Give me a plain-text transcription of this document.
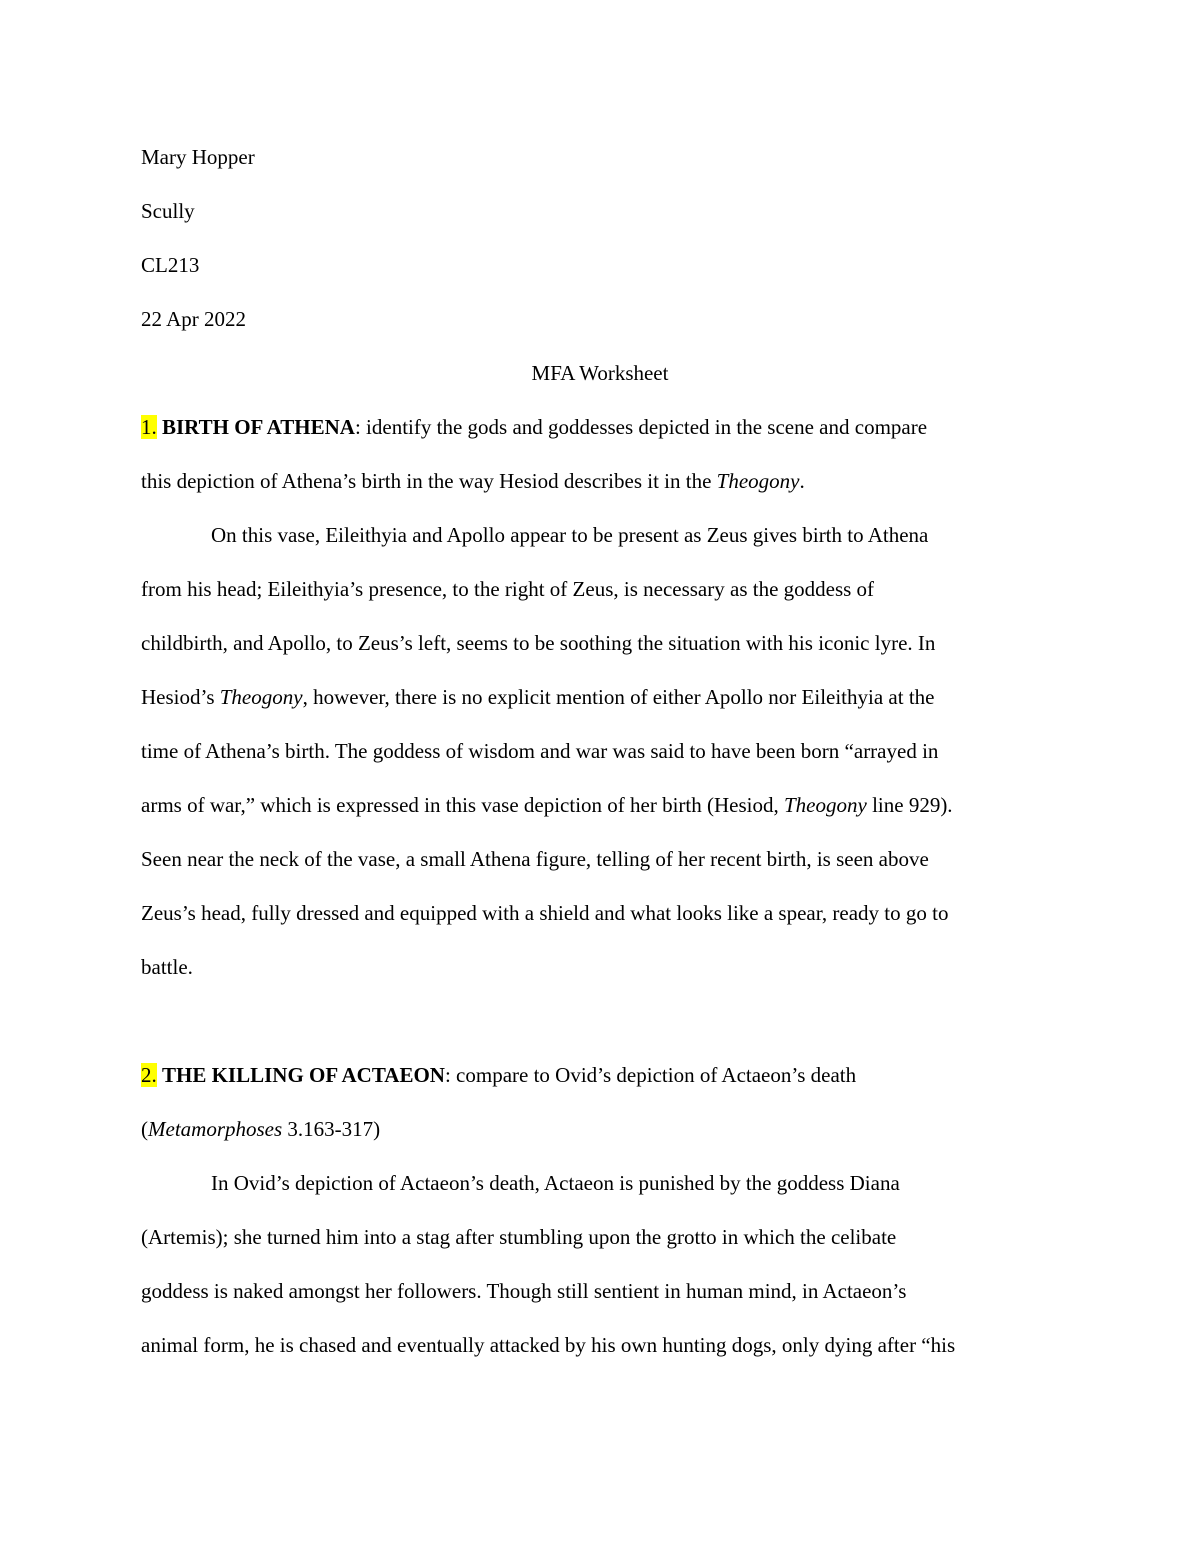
Mary Hopper
Scully
CL213
22 Apr 2022
MFA Worksheet
1. BIRTH OF ATHENA: identify the gods and goddesses depicted in the scene and compare
this depiction of Athena’s birth in the way Hesiod describes it in the Theogony.
On this vase, Eileithyia and Apollo appear to be present as Zeus gives birth to Athena
from his head; Eileithyia’s presence, to the right of Zeus, is necessary as the goddess of
childbirth, and Apollo, to Zeus’s left, seems to be soothing the situation with his iconic lyre. In
Hesiod’s Theogony, however, there is no explicit mention of either Apollo nor Eileithyia at the
time of Athena’s birth. The goddess of wisdom and war was said to have been born “arrayed in
arms of war,” which is expressed in this vase depiction of her birth (Hesiod, Theogony line 929).
Seen near the neck of the vase, a small Athena figure, telling of her recent birth, is seen above
Zeus’s head, fully dressed and equipped with a shield and what looks like a spear, ready to go to
battle.
2. THE KILLING OF ACTAEON: compare to Ovid’s depiction of Actaeon’s death
(Metamorphoses 3.163-317)
In Ovid’s depiction of Actaeon’s death, Actaeon is punished by the goddess Diana
(Artemis); she turned him into a stag after stumbling upon the grotto in which the celibate
goddess is naked amongst her followers. Though still sentient in human mind, in Actaeon’s
animal form, he is chased and eventually attacked by his own hunting dogs, only dying after “his
